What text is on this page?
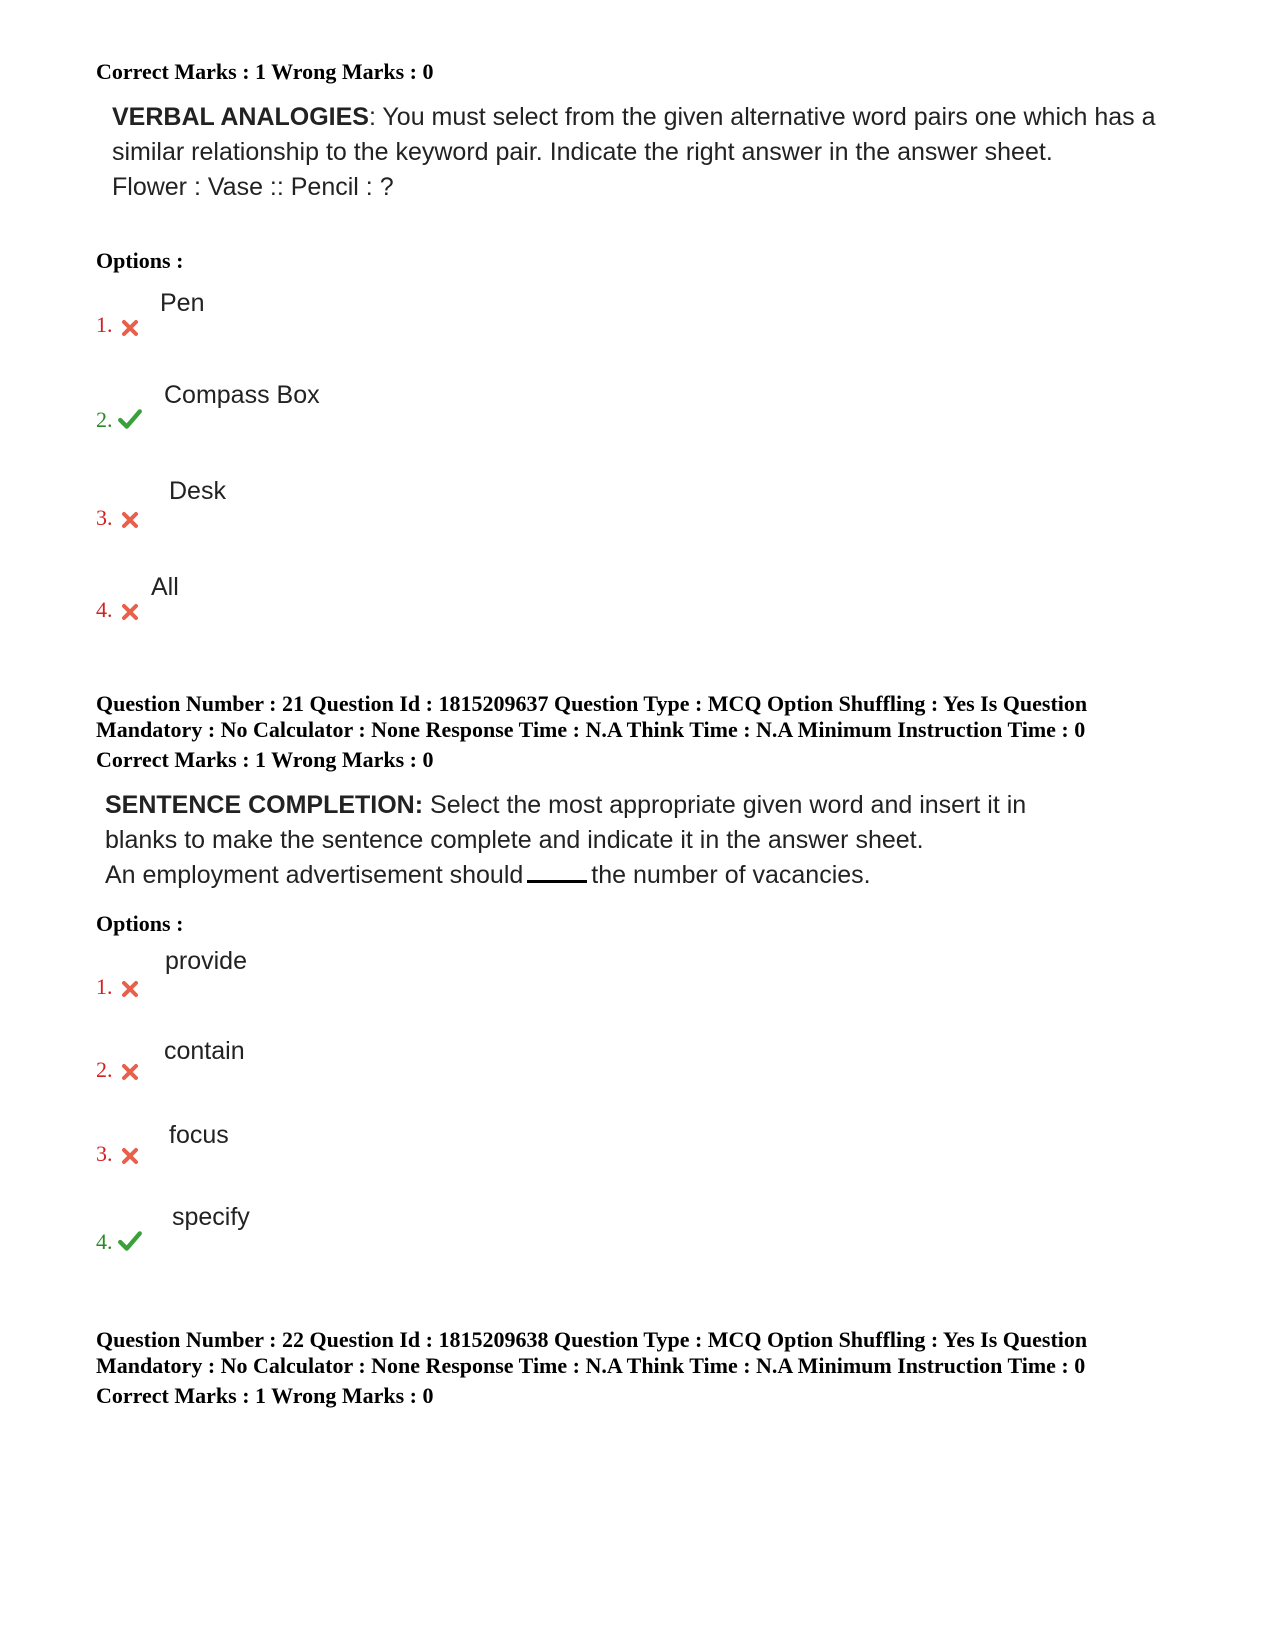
Correct Marks : 1 Wrong Marks : 0

VERBAL ANALOGIES: You must select from the given alternative word pairs one which has a similar relationship to the keyword pair. Indicate the right answer in the answer sheet.
Flower : Vase :: Pencil : ?

Options :

1.
Pen
2.
Compass Box
3.
Desk
4.
All

Question Number : 21 Question Id : 1815209637 Question Type : MCQ Option Shuffling : Yes Is Question

Mandatory : No Calculator : None Response Time : N.A Think Time : N.A Minimum Instruction Time : 0

Correct Marks : 1 Wrong Marks : 0

SENTENCE COMPLETION: Select the most appropriate given word and insert it in blanks to make the sentence complete and indicate it in the answer sheet.
An employment advertisement should	the number of vacancies.

Options :

1.
provide
2.
contain
3.
focus
4.
specify

Question Number : 22 Question Id : 1815209638 Question Type : MCQ Option Shuffling : Yes Is Question

Mandatory : No Calculator : None Response Time : N.A Think Time : N.A Minimum Instruction Time : 0

Correct Marks : 1 Wrong Marks : 0
